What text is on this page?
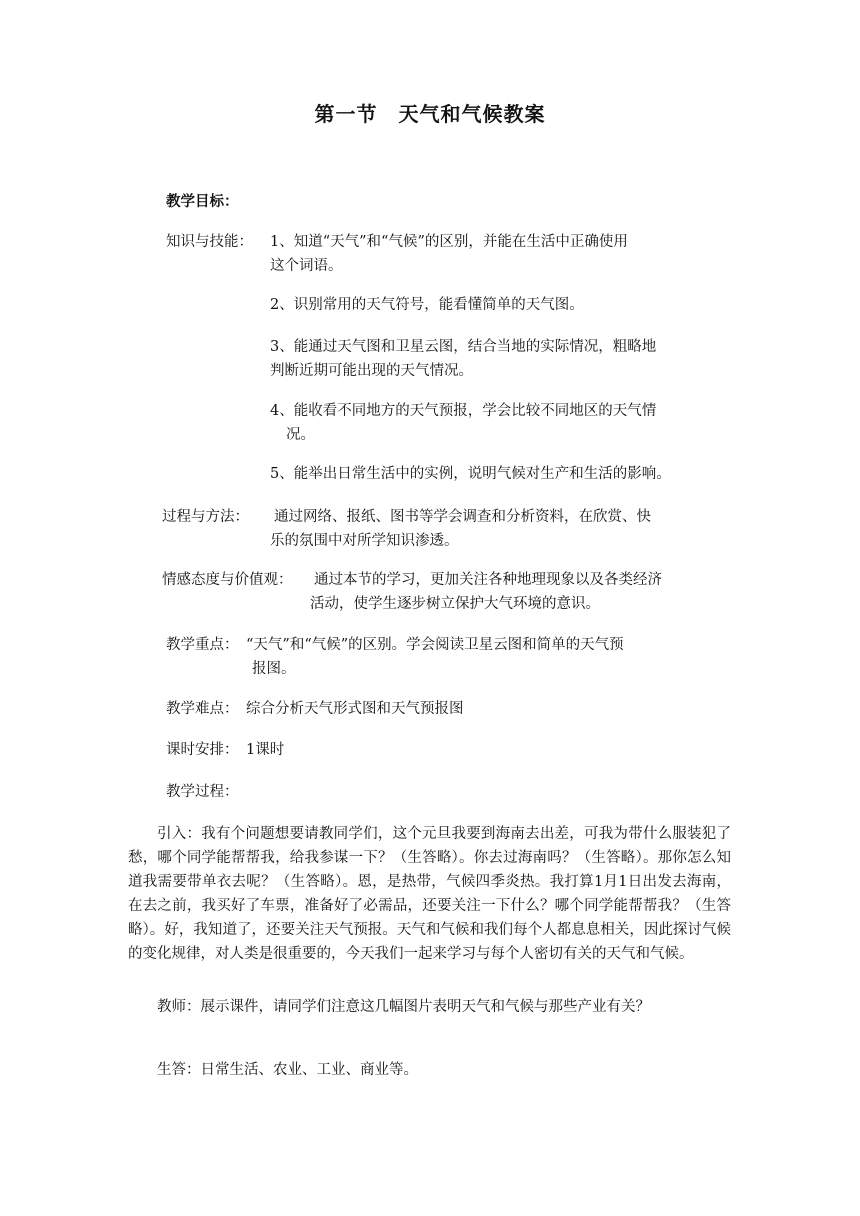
第一节　天气和气候教案
教学目标：
知识与技能： 1、知道“天气”和“气候”的区别，并能在生活中正确使用
这个词语。
2、识别常用的天气符号，能看懂简单的天气图。
3、能通过天气图和卫星云图，结合当地的实际情况，粗略地
判断近期可能出现的天气情况。
4、能收看不同地方的天气预报，学会比较不同地区的天气情
况。
5、能举出日常生活中的实例，说明气候对生产和生活的影响。
过程与方法： 通过网络、报纸、图书等学会调查和分析资料，在欣赏、快
乐的氛围中对所学知识渗透。
情感态度与价值观： 通过本节的学习，更加关注各种地理现象以及各类经济
活动，使学生逐步树立保护大气环境的意识。
教学重点： “天气”和“气候”的区别。学会阅读卫星云图和简单的天气预
报图。
教学难点： 综合分析天气形式图和天气预报图
课时安排： 1课时
教学过程：
引入：我有个问题想要请教同学们，这个元旦我要到海南去出差，可我为带什么服装犯了愁，哪个同学能帮帮我，给我参谋一下？（生答略）。你去过海南吗？（生答略）。那你怎么知道我需要带单衣去呢？（生答略）。恩，是热带，气候四季炎热。我打算1月1日出发去海南，在去之前，我买好了车票，准备好了必需品，还要关注一下什么？哪个同学能帮帮我？（生答略）。好，我知道了，还要关注天气预报。天气和气候和我们每个人都息息相关，因此探讨气候的变化规律，对人类是很重要的，今天我们一起来学习与每个人密切有关的天气和气候。
教师：展示课件，请同学们注意这几幅图片表明天气和气候与那些产业有关？
生答：日常生活、农业、工业、商业等。
